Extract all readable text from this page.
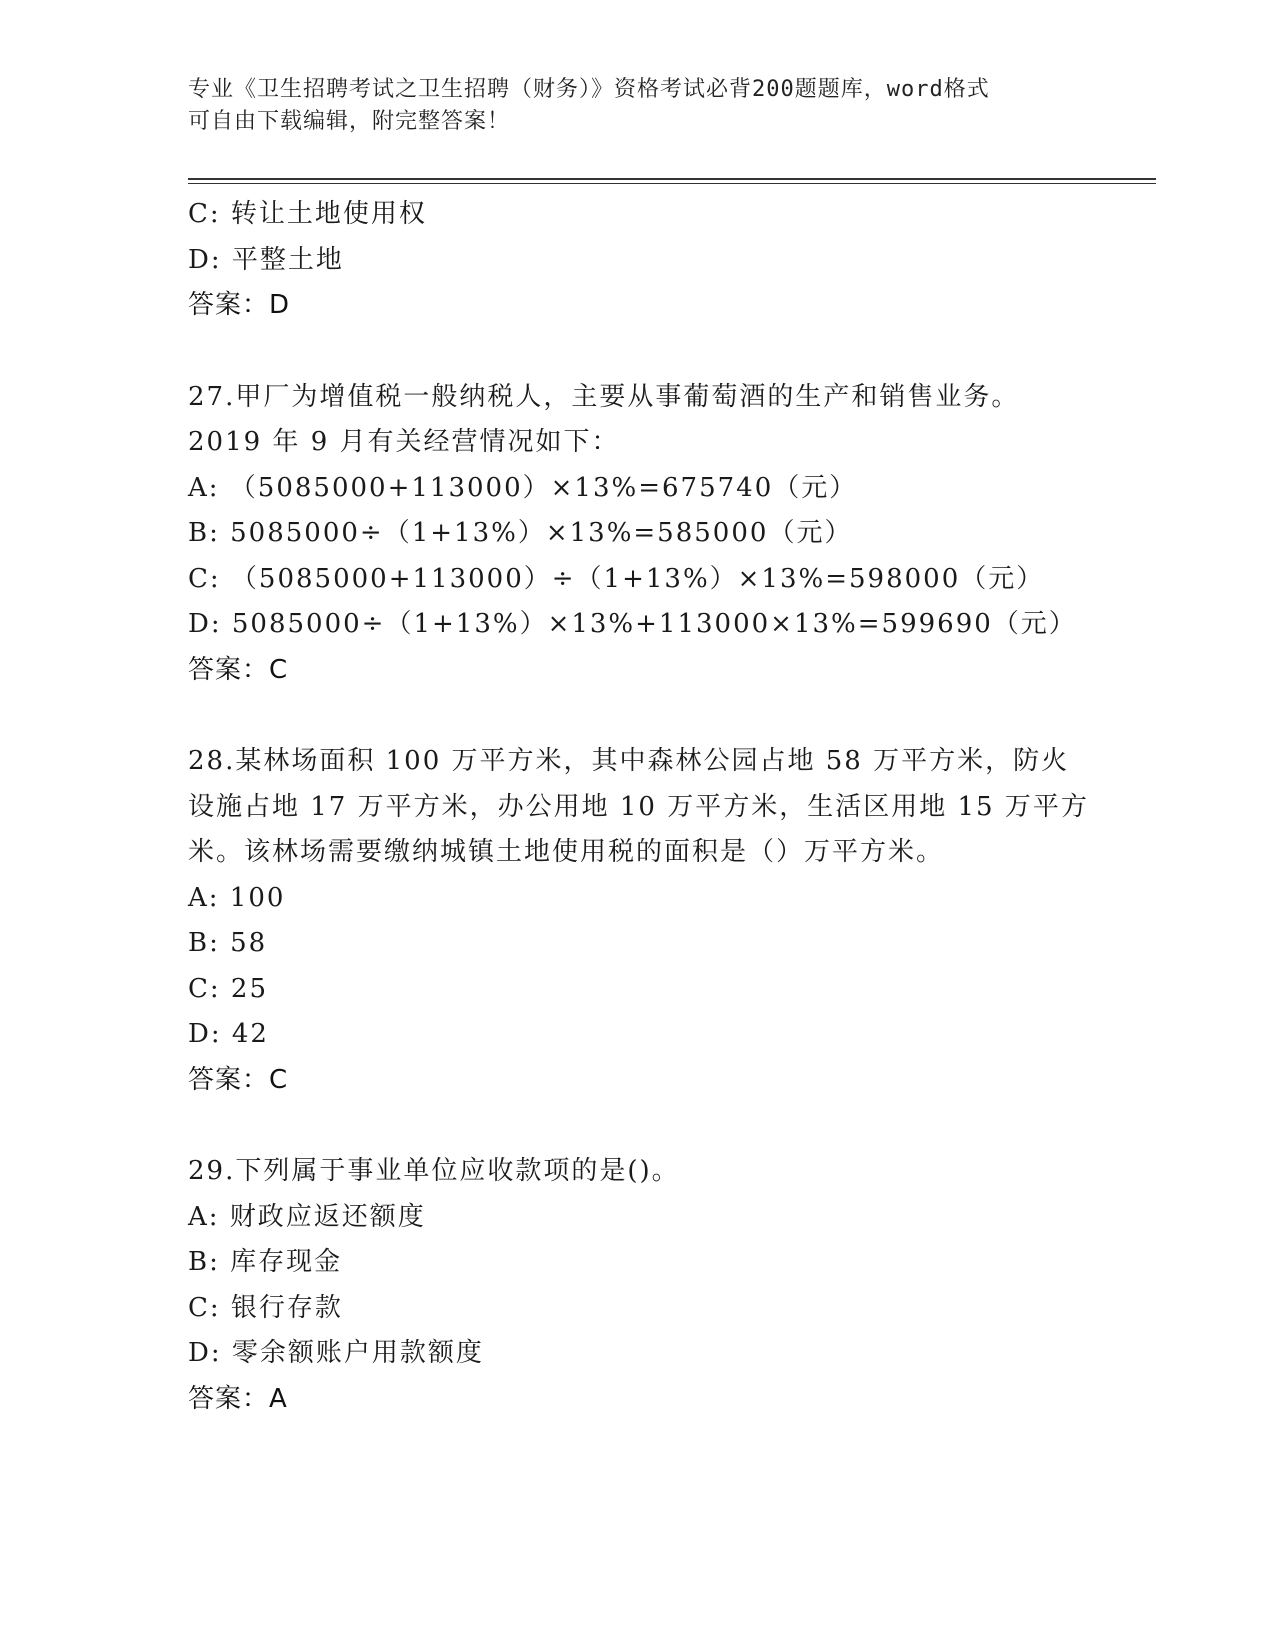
专业《卫生招聘考试之卫生招聘（财务）》资格考试必背200题题库，word格式
可自由下载编辑，附完整答案！
C: 转让土地使用权
D: 平整土地
答案：D
27.甲厂为增值税一般纳税人，主要从事葡萄酒的生产和销售业务。
2019 年 9 月有关经营情况如下：
A: （5085000+113000）×13%=675740（元）
B: 5085000÷（1+13%）×13%=585000（元）
C: （5085000+113000）÷（1+13%）×13%=598000（元）
D: 5085000÷（1+13%）×13%+113000×13%=599690（元）
答案：C
28.某林场面积 100 万平方米，其中森林公园占地 58 万平方米，防火
设施占地 17 万平方米，办公用地 10 万平方米，生活区用地 15 万平方
米。该林场需要缴纳城镇土地使用税的面积是（）万平方米。
A: 100
B: 58
C: 25
D: 42
答案：C
29.下列属于事业单位应收款项的是()。
A: 财政应返还额度
B: 库存现金
C: 银行存款
D: 零余额账户用款额度
答案：A
